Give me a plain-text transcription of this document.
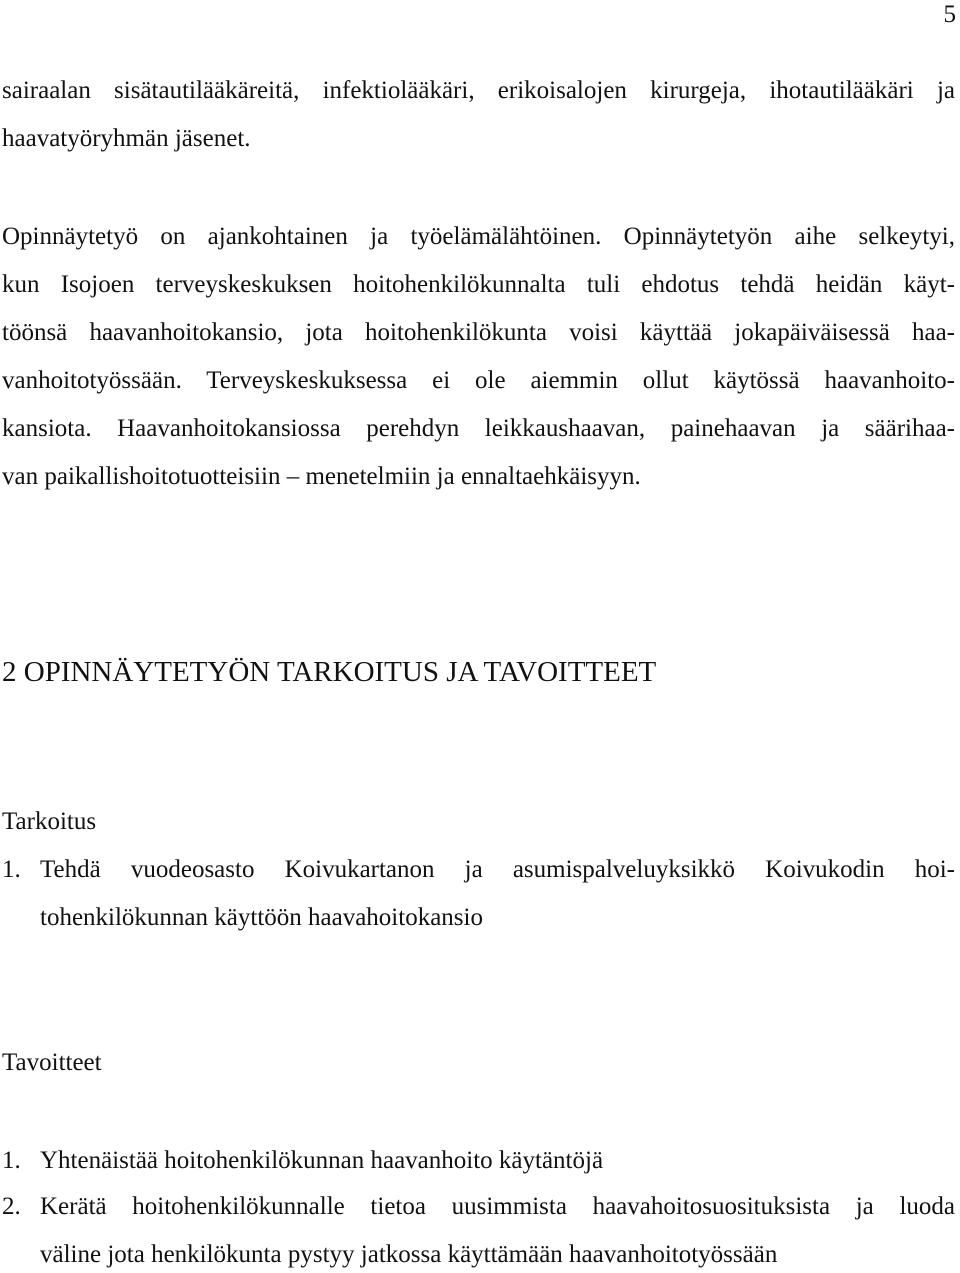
5
sairaalan sisätautilääkäreitä, infektiolääkäri, erikoisalojen kirurgeja, ihotautilääkäri ja
haavatyöryhmän jäsenet.
Opinnäytetyö on ajankohtainen ja työelämälähtöinen. Opinnäytetyön aihe selkeytyi,
kun Isojoen terveyskeskuksen hoitohenkilökunnalta tuli ehdotus tehdä heidän käyt-
töönsä haavanhoitokansio, jota hoitohenkilökunta voisi käyttää jokapäiväisessä haa-
vanhoitotyössään. Terveyskeskuksessa ei ole aiemmin ollut käytössä haavanhoito-
kansiota. Haavanhoitokansiossa perehdyn leikkaushaavan, painehaavan ja säärihaa-
van paikallishoitotuotteisiin – menetelmiin ja ennaltaehkäisyyn.
2 OPINNÄYTETYÖN TARKOITUS JA TAVOITTEET
Tarkoitus
1. Tehdä vuodeosasto Koivukartanon ja asumispalveluyksikkö Koivukodin hoi-
tohenkilökunnan käyttöön haavahoitokansio
Tavoitteet
1. Yhtenäistää hoitohenkilökunnan haavanhoito käytäntöjä
2. Kerätä hoitohenkilökunnalle tietoa uusimmista haavahoitosuosituksista ja luoda
väline jota henkilökunta pystyy jatkossa käyttämään haavanhoitotyössään
